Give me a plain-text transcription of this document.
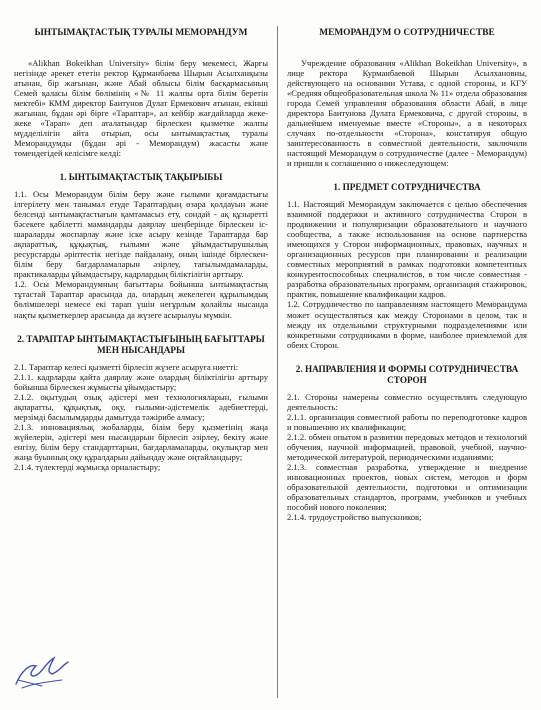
ЫНТЫМАҚТАСТЫҚ ТУРАЛЫ МЕМОРАНДУМ

«Alikhan Bokeikhan University» білім беру мекемесі, Жарғы негізінде әрекет ететін ректор Құрманбаева Шырын Асылханқызы атынан, бір жағынан, және Абай облысы білім басқармасының Семей қаласы білім бөлімінің «№ 11 жалпы орта білім беретін мектебі» КММ директор Баитунов Дулат Ермекович атынан, екінші жағынан, бұдан әрі бірге «Тараптар», ал кейбір жағдайларда жеке-жеке «Тарап» деп аталатындар бірлескен қызметке жалпы мүдделілігін айта отырып, осы ынтымақтастық туралы Меморандумды (бұдан әрі - Меморандум) жасасты және төмендегідей келісімге келді:

1. ЫНТЫМАҚТАСТЫҚ ТАҚЫРЫБЫ

1.1. Осы Меморандум білім беру және ғылыми қоғамдастығы ілгерілету мен танымал етуде Тараптардың өзара қолдауын және белсенді ынтымақтастығын қамтамасыз ету, сондай - ақ құзыретті бәсекеге қабілетті мамандарды даярлау шеңберінде бірлескен іс-шараларды жоспарлау және іске асыру кезінде Тараптарда бар ақпараттық, құқықтық, ғылыми және ұйымдастырушылық ресурстарды әріптестік негізде пайдалану, оның ішінде бірлескен-білім беру бағдарламаларын әзірлеу, тағылымдамаларды, практикаларды ұйымдастыру, кадрлардың біліктілігін арттыру.

1.2. Осы Меморандумның бағыттары бойынша ынтымақтастық тұтастай Тараптар арасында да, олардың жекелеген құрылымдық бөлімшелері немесе екі тарап үшін неғұрлым қолайлы нысанда нақты қызметкерлер арасында да жүзеге асырылуы мүмкін.

2. ТАРАПТАР ЫНТЫМАҚТАСТЫҒЫНЫҢ БАҒЫТТАРЫ МЕН НЫСАНДАРЫ

2.1. Тараптар келесі қызметті бірлесіп жүзеге асыруға ниетті:

2.1.1. кадрларды қайта даярлау және олардың біліктілігін арттыру бойынша бірлескен жұмысты ұйымдастыру;

2.1.2. оқытудың озық әдістері мен технологияларын, ғылыми ақпаратты, құқықтық, оқу, ғылыми-әдістемелік әдебиеттерді, мерзімді басылымдарды дамытуда тәжірибе алмасу;

2.1.3. инновациялық жобаларды, білім беру қызметінің жаңа жүйелерін, әдістері мен нысандарын бірлесіп әзірлеу, бекіту және енгізу, білім беру стандарттарын, бағдарламаларды, оқулықтар мен жаңа буынның оқу құралдарын дайындау және оңтайландыру;

2.1.4. түлектерді жұмысқа орналастыру;

МЕМОРАНДУМ О СОТРУДНИЧЕСТВЕ

Учреждение образования «Alikhan Bokeikhan University», в лице ректора Курманбаевой Шырын Асылхановны, действующего на основании Устава, с одной стороны, и КГУ «Средняя общеобразовательная школа № 11» отдела образования города Семей управления образования области Абай, в лице директора Баитунова Дулата Ермековича, с другой стороны, в дальнейшем именуемые вместе «Стороны», а в некоторых случаях по-отдельности «Сторона», констатируя общую заинтересованность в совместной деятельности, заключили настоящий Меморандум о сотрудничестве (далее - Меморандум) и пришли к соглашению о нижеследующем:

1. ПРЕДМЕТ СОТРУДНИЧЕСТВА

1.1. Настоящий Меморандум заключается с целью обеспечения взаимной поддержки и активного сотрудничества Сторон в продвижении и популяризации образовательного и научного сообщества, а также использования на основе партнерства имеющихся у Сторон информационных, правовых, научных и организационных ресурсов при планировании и реализации совместных мероприятий в рамках подготовки компетентных конкурентоспособных специалистов, в том числе совместная - разработка образовательных программ, организация стажировок, практик, повышение квалификации кадров.

1.2. Сотрудничество по направлениям настоящего Меморандума может осуществляться как между Сторонами в целом, так и между их отдельными структурными подразделениями или конкретными сотрудниками в форме, наиболее приемлемой для обеих Сторон.

2. НАПРАВЛЕНИЯ И ФОРМЫ СОТРУДНИЧЕСТВА СТОРОН

2.1. Стороны намерены совместно осуществлять следующую деятельность:

2.1.1. организация совместной работы по переподготовке кадров и повышению их квалификации;

2.1.2. обмен опытом в развитии передовых методов и технологий обучения, научной информацией, правовой, учебной, научно-методической литературой, периодическими изданиями;

2.1.3. совместная разработка, утверждение и внедрение инновационных проектов, новых систем, методов и форм образовательной деятельности, подготовки и оптимизации образовательных стандартов, программ, учебников и учебных пособий нового поколения;

2.1.4. трудоустройство выпускников;
